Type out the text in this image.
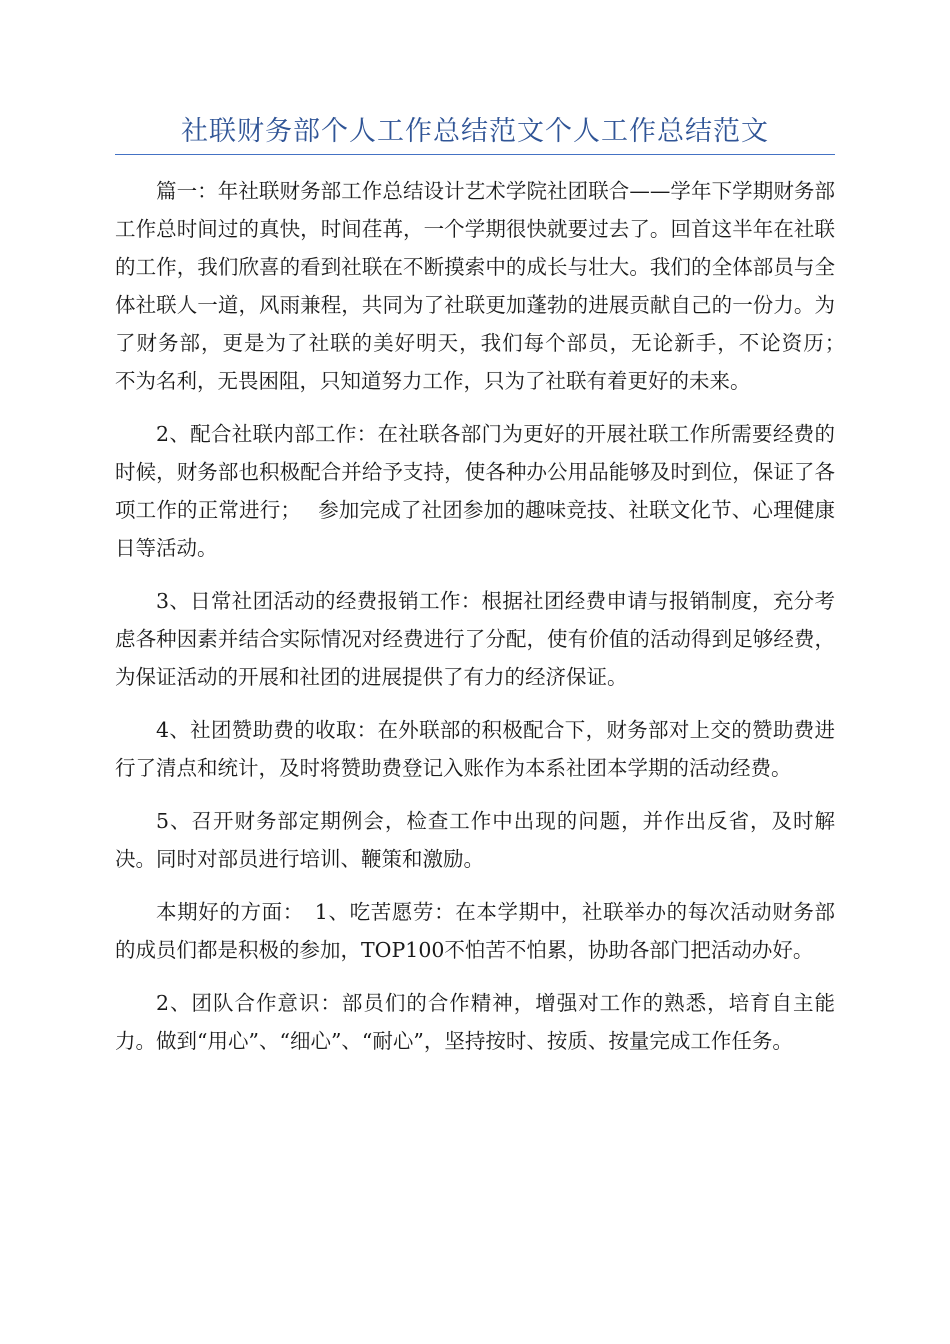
社联财务部个人工作总结范文个人工作总结范文

篇一：年社联财务部工作总结设计艺术学院社团联合——学年下学期财务部工作总时间过的真快，时间荏苒，一个学期很快就要过去了。回首这半年在社联的工作，我们欣喜的看到社联在不断摸索中的成长与壮大。我们的全体部员与全体社联人一道，风雨兼程，共同为了社联更加蓬勃的进展贡献自己的一份力。为了财务部，更是为了社联的美好明天，我们每个部员，无论新手，不论资历；　 不为名利，无畏困阻，只知道努力工作，只为了社联有着更好的未来。

2、配合社联内部工作：在社联各部门为更好的开展社联工作所需要经费的时候，财务部也积极配合并给予支持，使各种办公用品能够及时到位，保证了各项工作的正常进行；　 参加完成了社团参加的趣味竞技、社联文化节、心理健康日等活动。

3、日常社团活动的经费报销工作：根据社团经费申请与报销制度，充分考虑各种因素并结合实际情况对经费进行了分配，使有价值的活动得到足够经费，为保证活动的开展和社团的进展提供了有力的经济保证。

4、社团赞助费的收取：在外联部的积极配合下，财务部对上交的赞助费进行了清点和统计，及时将赞助费登记入账作为本系社团本学期的活动经费。

5、召开财务部定期例会，检查工作中出现的问题，并作出反省，及时解决。同时对部员进行培训、鞭策和激励。

本期好的方面：　1、吃苦愿劳：在本学期中，社联举办的每次活动财务部的成员们都是积极的参加，TOP100不怕苦不怕累，协助各部门把活动办好。

2、团队合作意识：部员们的合作精神，增强对工作的熟悉，培育自主能力。做到“用心”、“细心”、“耐心”，坚持按时、按质、按量完成工作任务。
